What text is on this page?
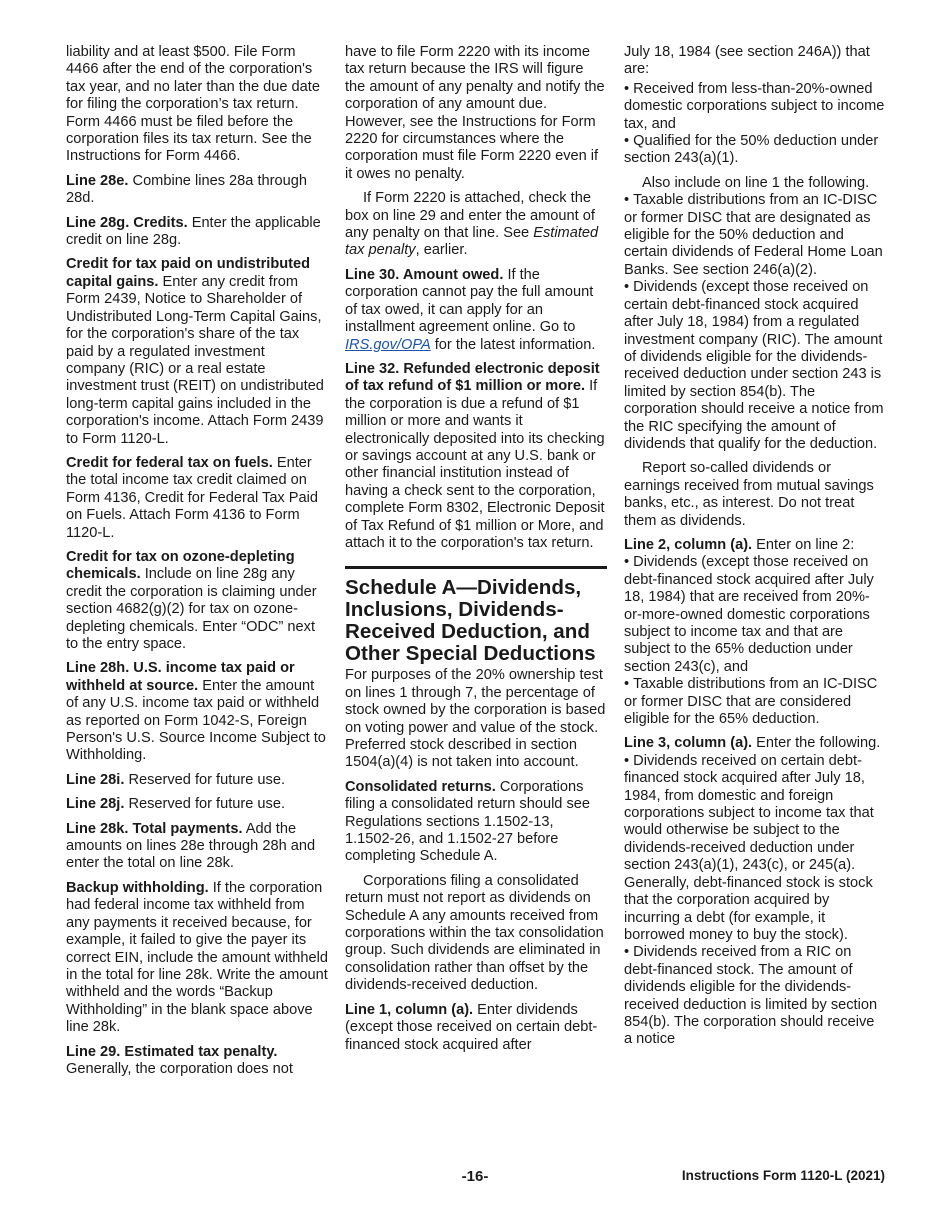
liability and at least $500. File Form 4466 after the end of the corporation's tax year, and no later than the due date for filing the corporation’s tax return. Form 4466 must be filed before the corporation files its tax return. See the Instructions for Form 4466.

Line 28e. Combine lines 28a through 28d.

Line 28g. Credits. Enter the applicable credit on line 28g.

Credit for tax paid on undistributed capital gains. Enter any credit from Form 2439, Notice to Shareholder of Undistributed Long-Term Capital Gains, for the corporation's share of the tax paid by a regulated investment company (RIC) or a real estate investment trust (REIT) on undistributed long-term capital gains included in the corporation's income. Attach Form 2439 to Form 1120-L.

Credit for federal tax on fuels. Enter the total income tax credit claimed on Form 4136, Credit for Federal Tax Paid on Fuels. Attach Form 4136 to Form 1120-L.

Credit for tax on ozone-depleting chemicals. Include on line 28g any credit the corporation is claiming under section 4682(g)(2) for tax on ozone-depleting chemicals. Enter “ODC” next to the entry space.

Line 28h. U.S. income tax paid or withheld at source. Enter the amount of any U.S. income tax paid or withheld as reported on Form 1042-S, Foreign Person's U.S. Source Income Subject to Withholding.

Line 28i. Reserved for future use.

Line 28j. Reserved for future use.

Line 28k. Total payments. Add the amounts on lines 28e through 28h and enter the total on line 28k.

Backup withholding. If the corporation had federal income tax withheld from any payments it received because, for example, it failed to give the payer its correct EIN, include the amount withheld in the total for line 28k. Write the amount withheld and the words “Backup Withholding” in the blank space above line 28k.

Line 29. Estimated tax penalty.
Generally, the corporation does not

have to file Form 2220 with its income tax return because the IRS will figure the amount of any penalty and notify the corporation of any amount due. However, see the Instructions for Form 2220 for circumstances where the corporation must file Form 2220 even if it owes no penalty.

If Form 2220 is attached, check the box on line 29 and enter the amount of any penalty on that line. See Estimated tax penalty, earlier.

Line 30. Amount owed. If the corporation cannot pay the full amount of tax owed, it can apply for an installment agreement online. Go to IRS.gov/OPA for the latest information.

Line 32. Refunded electronic deposit of tax refund of $1 million or more. If the corporation is due a refund of $1 million or more and wants it electronically deposited into its checking or savings account at any U.S. bank or other financial institution instead of having a check sent to the corporation, complete Form 8302, Electronic Deposit of Tax Refund of $1 million or More, and attach it to the corporation's tax return.

Schedule A—Dividends, Inclusions, Dividends-Received Deduction, and Other Special Deductions

For purposes of the 20% ownership test on lines 1 through 7, the percentage of stock owned by the corporation is based on voting power and value of the stock. Preferred stock described in section 1504(a)(4) is not taken into account.

Consolidated returns. Corporations filing a consolidated return should see Regulations sections 1.1502-13, 1.1502-26, and 1.1502-27 before completing Schedule A.

Corporations filing a consolidated return must not report as dividends on Schedule A any amounts received from corporations within the tax consolidation group. Such dividends are eliminated in consolidation rather than offset by the dividends-received deduction.

Line 1, column (a). Enter dividends (except those received on certain debt-financed stock acquired after

July 18, 1984 (see section 246A)) that are:

• Received from less-than-20%-owned domestic corporations subject to income tax, and

• Qualified for the 50% deduction under section 243(a)(1).

Also include on line 1 the following.

• Taxable distributions from an IC-DISC or former DISC that are designated as eligible for the 50% deduction and certain dividends of Federal Home Loan Banks. See section 246(a)(2).

• Dividends (except those received on certain debt-financed stock acquired after July 18, 1984) from a regulated investment company (RIC). The amount of dividends eligible for the dividends-received deduction under section 243 is limited by section 854(b). The corporation should receive a notice from the RIC specifying the amount of dividends that qualify for the deduction.

Report so-called dividends or earnings received from mutual savings banks, etc., as interest. Do not treat them as dividends.

Line 2, column (a). Enter on line 2:

• Dividends (except those received on debt-financed stock acquired after July 18, 1984) that are received from 20%-or-more-owned domestic corporations subject to income tax and that are subject to the 65% deduction under section 243(c), and

• Taxable distributions from an IC-DISC or former DISC that are considered eligible for the 65% deduction.

Line 3, column (a). Enter the following.

• Dividends received on certain debt-financed stock acquired after July 18, 1984, from domestic and foreign corporations subject to income tax that would otherwise be subject to the dividends-received deduction under section 243(a)(1), 243(c), or 245(a). Generally, debt-financed stock is stock that the corporation acquired by incurring a debt (for example, it borrowed money to buy the stock).

• Dividends received from a RIC on debt-financed stock. The amount of dividends eligible for the dividends-received deduction is limited by section 854(b). The corporation should receive a notice

-16-	Instructions Form 1120-L (2021)
